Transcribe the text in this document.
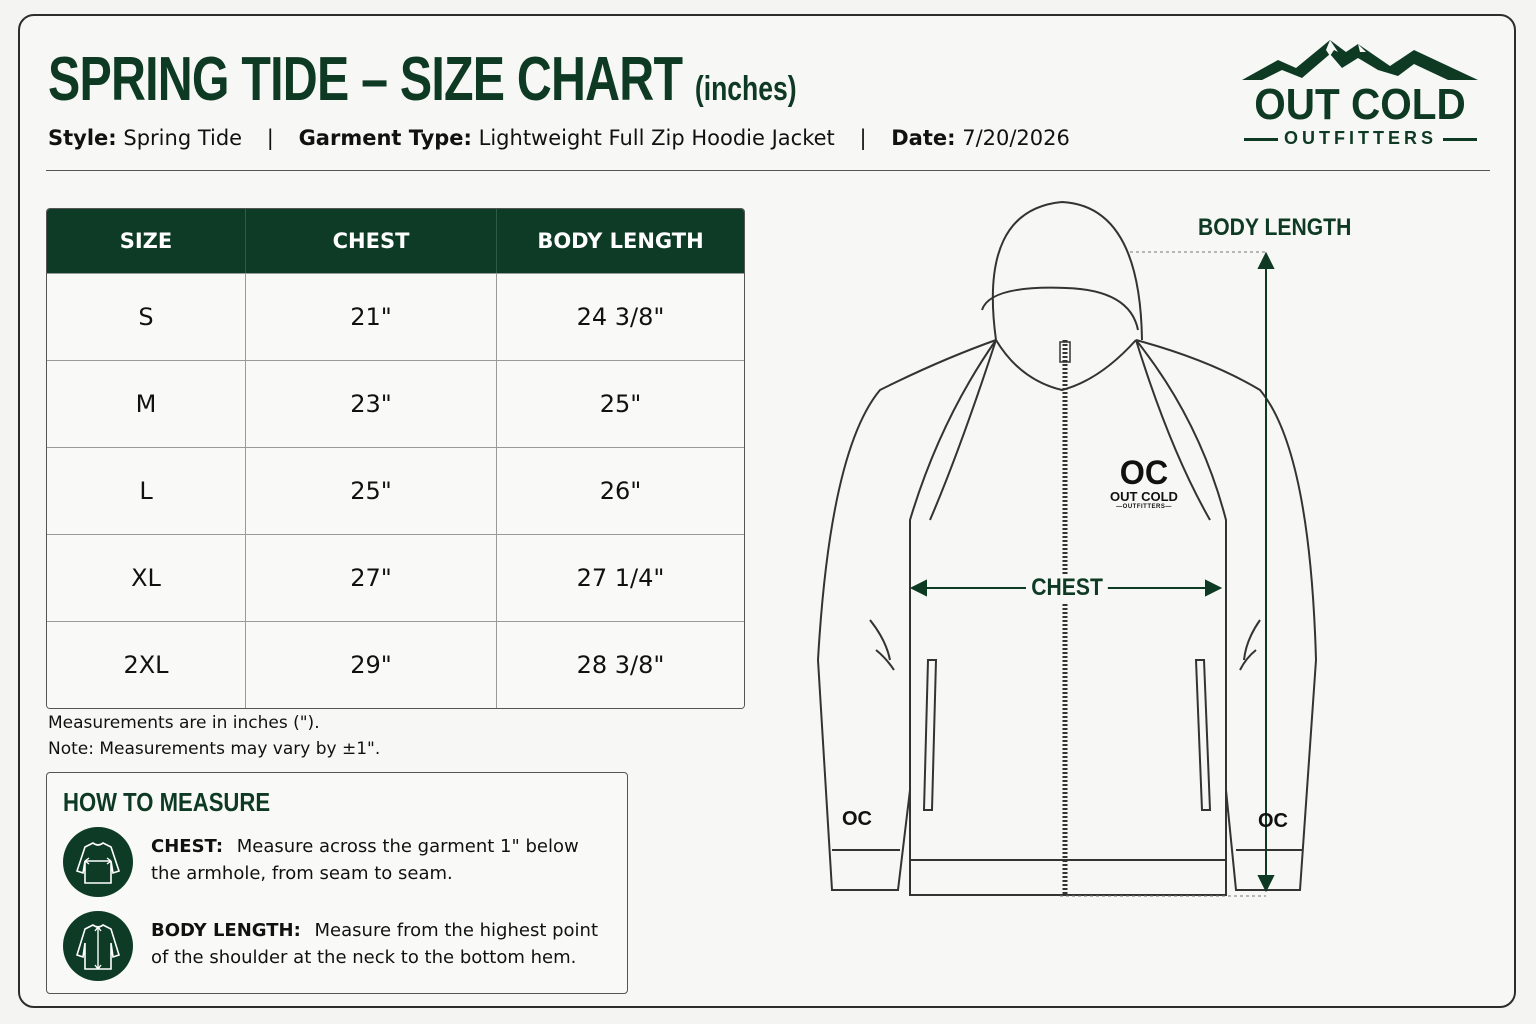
SPRING TIDE – SIZE CHART (inches)
Style: Spring Tide | Garment Type: Lightweight Full Zip Hoodie Jacket | Date: 7/20/2026
OUT COLD
OUTFITTERS
SIZE	CHEST	BODY LENGTH
S	21"	24 3/8"
M	23"	25"
L	25"	26"
XL	27"	27 1/4"
2XL	29"	28 3/8"
Measurements are in inches (").
Note: Measurements may vary by ±1".
HOW TO MEASURE
CHEST: Measure across the garment 1" below the armhole, from seam to seam.
BODY LENGTH: Measure from the highest point of the shoulder at the neck to the bottom hem.
BODY LENGTH
CHEST
OC
OUT COLD
—OUTFITTERS—
OC	OC
